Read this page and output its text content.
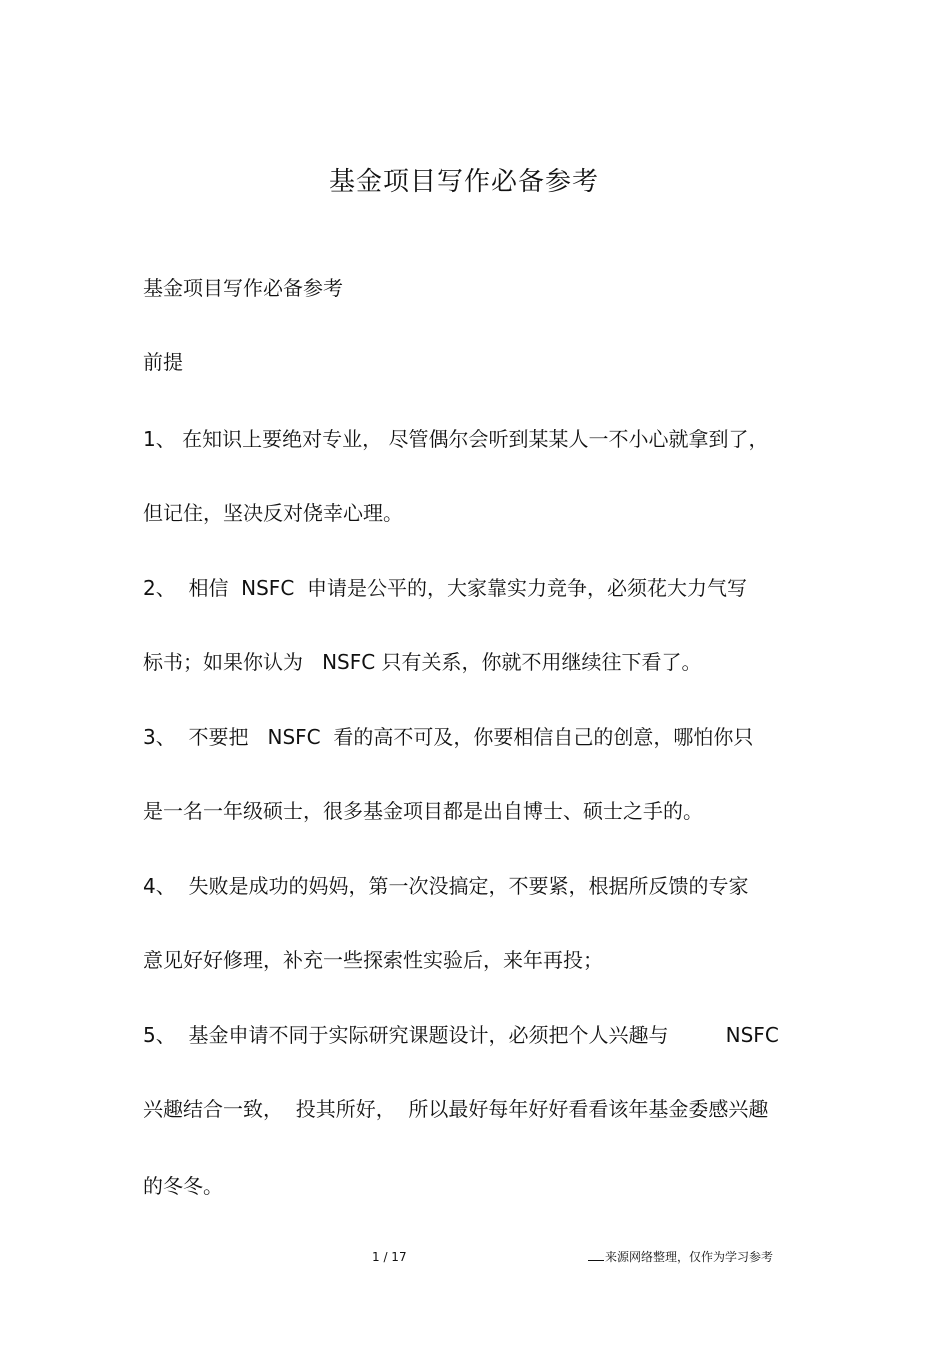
基金项目写作必备参考
基金项目写作必备参考
前提
1、 在知识上要绝对专业， 尽管偶尔会听到某某人一不小心就拿到了，
但记住，坚决反对侥幸心理。
2、  相信  NSFC  申请是公平的，大家靠实力竞争，必须花大力气写
标书；如果你认为   NSFC 只有关系，你就不用继续往下看了。
3、  不要把   NSFC  看的高不可及，你要相信自己的创意，哪怕你只
是一名一年级硕士，很多基金项目都是出自博士、硕士之手的。
4、  失败是成功的妈妈，第一次没搞定，不要紧，根据所反馈的专家
意见好好修理，补充一些探索性实验后，来年再投；
5、  基金申请不同于实际研究课题设计，必须把个人兴趣与         NSFC
兴趣结合一致，  投其所好，  所以最好每年好好看看该年基金委感兴趣
的冬冬。
1 / 17	来源网络整理，仅作为学习参考
